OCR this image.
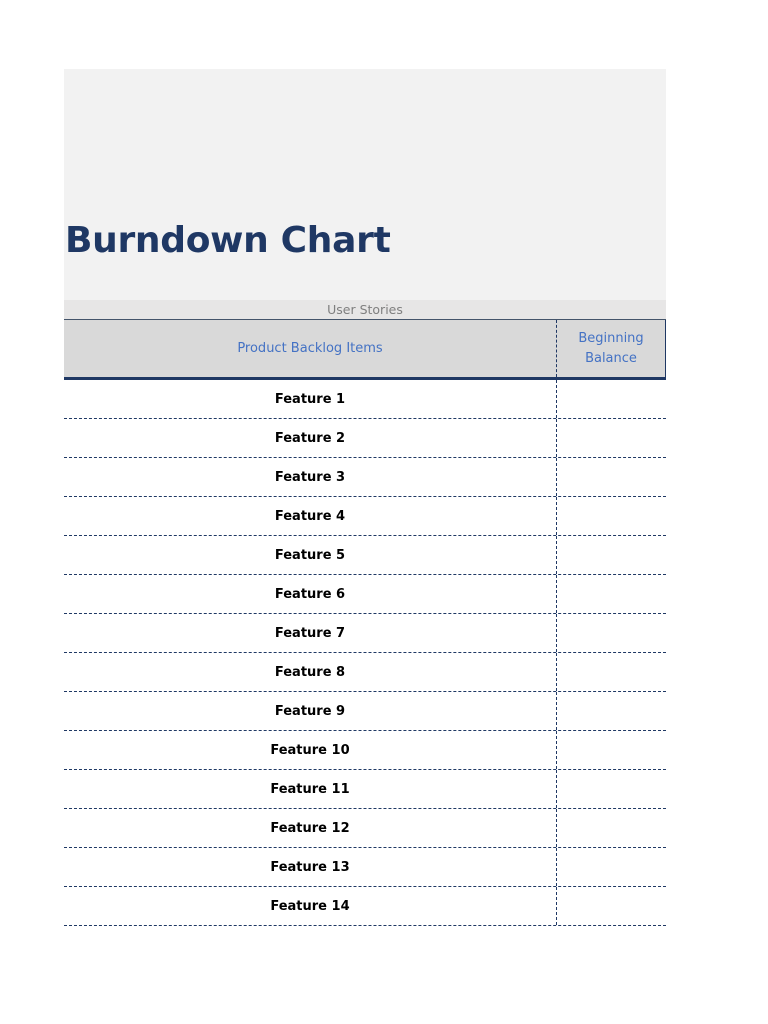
Burndown Chart
User Stories
Product Backlog Items
Beginning Balance
Feature 1
Feature 2
Feature 3
Feature 4
Feature 5
Feature 6
Feature 7
Feature 8
Feature 9
Feature 10
Feature 11
Feature 12
Feature 13
Feature 14
